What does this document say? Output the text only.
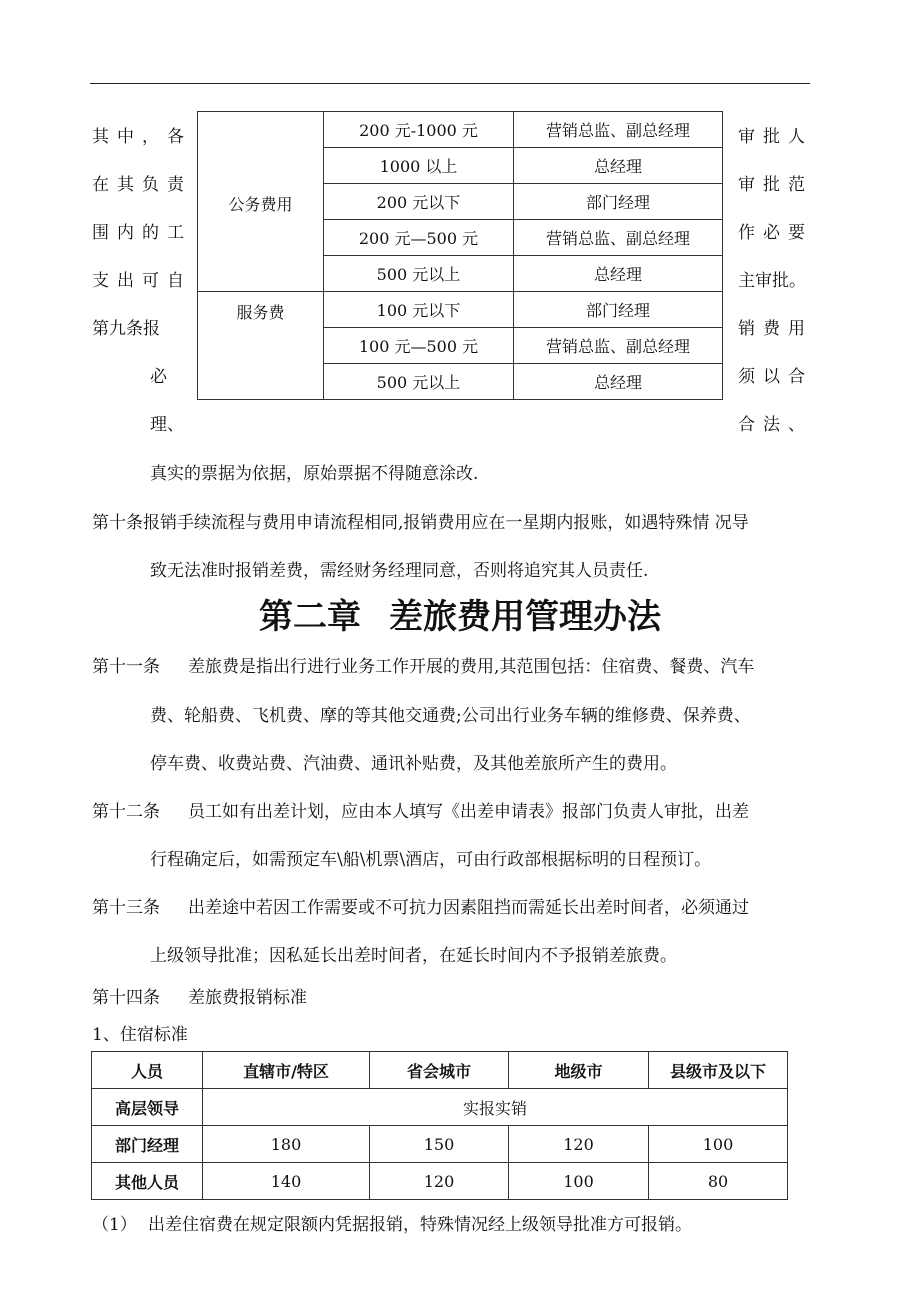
其中，各
在其负责
围内的工
支出可自
第九条报
必
理、
审批人
审批范
作必要
主审批。
销费用
须以合
合法、
公务费用	200 元-1000 元	营销总监、副总经理
	1000 以上	总经理
	200 元以下	部门经理
	200 元—500 元	营销总监、副总经理
	500 元以上	总经理
服务费	100 元以下	部门经理
	100 元—500 元	营销总监、副总经理
	500 元以上	总经理
真实的票据为依据，原始票据不得随意涂改.
第十条报销手续流程与费用申请流程相同,报销费用应在一星期内报账，如遇特殊情 况导
致无法准时报销差费，需经财务经理同意，否则将追究其人员责任.
第二章 差旅费用管理办法
第十一条 差旅费是指出行进行业务工作开展的费用,其范围包括：住宿费、餐费、汽车
费、轮船费、飞机费、摩的等其他交通费;公司出行业务车辆的维修费、保养费、
停车费、收费站费、汽油费、通讯补贴费，及其他差旅所产生的费用。
第十二条 员工如有出差计划，应由本人填写《出差申请表》报部门负责人审批，出差
行程确定后，如需预定车\船\机票\酒店，可由行政部根据标明的日程预订。
第十三条 出差途中若因工作需要或不可抗力因素阻挡而需延长出差时间者，必须通过
上级领导批准；因私延长出差时间者，在延长时间内不予报销差旅费。
第十四条 差旅费报销标准
1、住宿标准
人员	直辖市/特区	省会城市	地级市	县级市及以下
高层领导	实报实销			
部门经理	180	150	120	100
其他人员	140	120	100	80
（1） 出差住宿费在规定限额内凭据报销，特殊情况经上级领导批准方可报销。
